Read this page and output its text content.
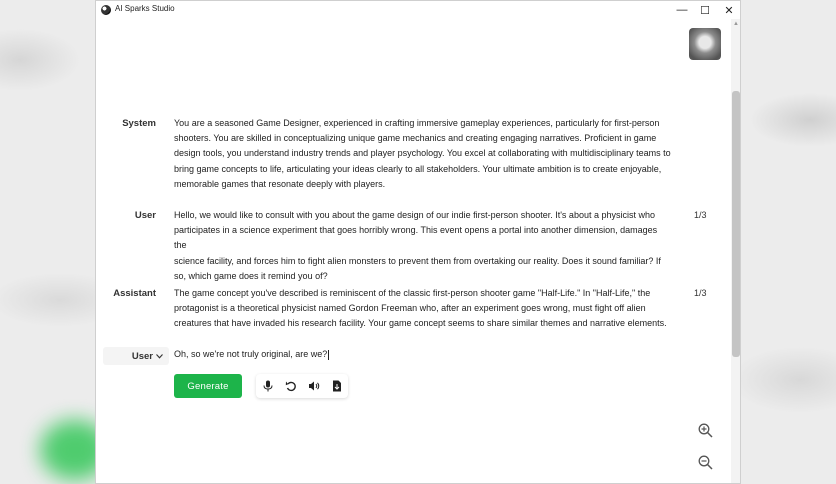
AI Sparks Studio	—	☐	✕
▲
System You are a seasoned Game Designer, experienced in crafting immersive gameplay experiences, particularly for first-person
shooters. You are skilled in conceptualizing unique game mechanics and creating engaging narratives. Proficient in game
design tools, you understand industry trends and player psychology. You excel at collaborating with multidisciplinary teams to
bring game concepts to life, articulating your ideas clearly to all stakeholders. Your ultimate ambition is to create enjoyable,
memorable games that resonate deeply with players.
User Hello, we would like to consult with you about the game design of our indie first-person shooter. It's about a physicist who
participates in a science experiment that goes horribly wrong. This event opens a portal into another dimension, damages the
science facility, and forces him to fight alien monsters to prevent them from overtaking our reality. Does it sound familiar? If
so, which game does it remind you of?
1/3
Assistant The game concept you've described is reminiscent of the classic first-person shooter game "Half-Life." In "Half-Life," the
protagonist is a theoretical physicist named Gordon Freeman who, after an experiment goes wrong, must fight off alien
creatures that have invaded his research facility. Your game concept seems to share similar themes and narrative elements.
1/3
User Oh, so we're not truly original, are we?
Generate
